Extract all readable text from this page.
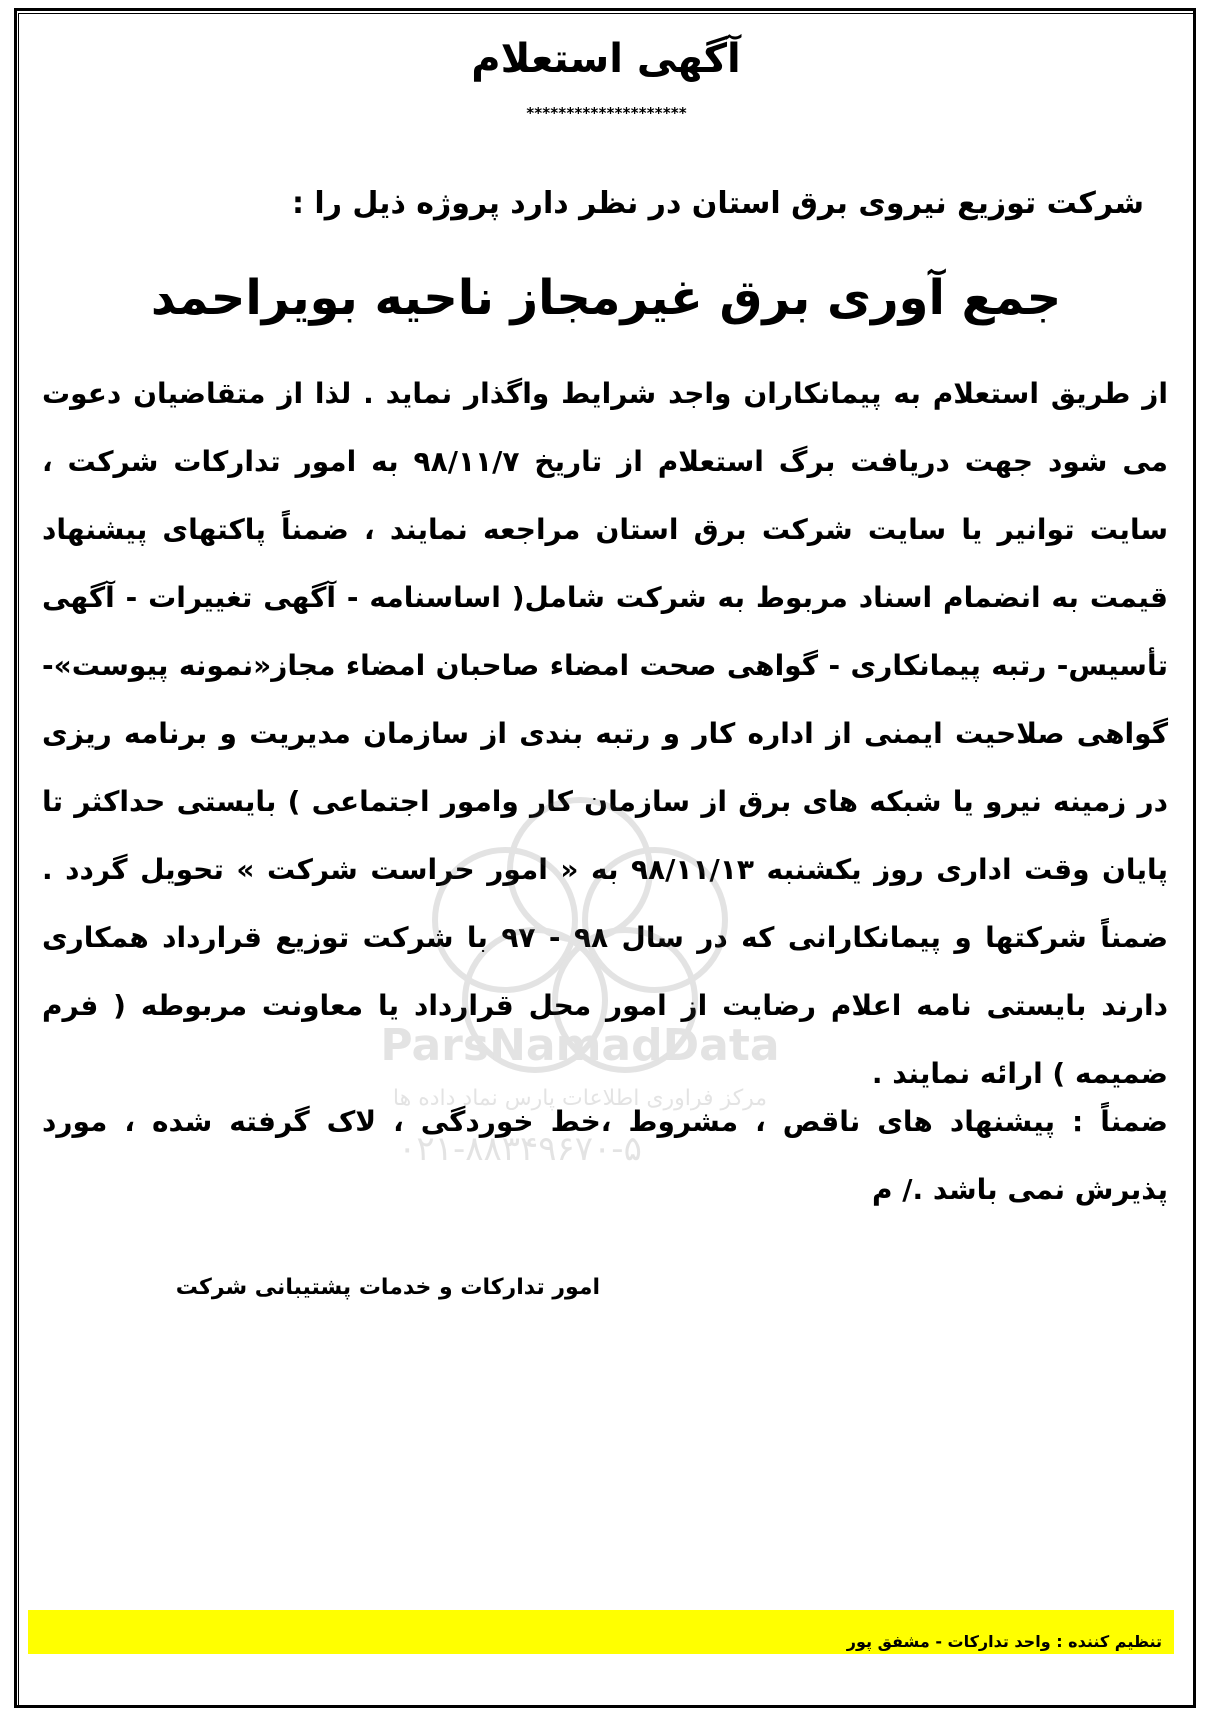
آگهی استعلام
********************
شرکت توزیع نیروی برق استان در نظر دارد پروژه ذیل را :
جمع آوری برق غیرمجاز ناحیه بویراحمد

از طریق استعلام به پیمانکاران واجد شرایط واگذار نماید . لذا از متقاضیان دعوت می شود جهت دریافت برگ استعلام از تاریخ ۹۸/۱۱/۷ به امور تدارکات شرکت ، سایت توانیر یا سایت شرکت برق استان مراجعه نمایند ، ضمناً پاکتهای پیشنهاد قیمت به انضمام اسناد مربوط به شرکت شامل( اساسنامه - آگهی تغییرات - آگهی تأسیس- رتبه پیمانکاری - گواهی صحت امضاء صاحبان امضاء مجاز«نمونه پیوست»- گواهی صلاحیت ایمنی از اداره کار و رتبه بندی از سازمان مدیریت و برنامه ریزی در زمینه نیرو یا شبکه های برق از سازمان کار وامور اجتماعی ) بایستی حداکثر تا پایان وقت اداری روز یکشنبه ۹۸/۱۱/۱۳ به « امور حراست شرکت » تحویل گردد . ضمناً شرکتها و پیمانکارانی که در سال ۹۸ - ۹۷ با شرکت توزیع قرارداد همکاری دارند بایستی نامه اعلام رضایت از امور محل قرارداد یا معاونت مربوطه ( فرم ضمیمه ) ارائه نمایند .

ضمناً : پیشنهاد های ناقص ، مشروط ،خط خوردگی ، لاک گرفته شده ، مورد پذیرش نمی باشد ./ م

امور تدارکات و خدمات پشتیبانی شرکت
ParsNamadData
مرکز فراوری اطلاعات پارس نماد داده ها
۰۲۱-۸۸۳۴۹۶۷۰-۵
تنظیم کننده : واحد تدارکات - مشفق پور
